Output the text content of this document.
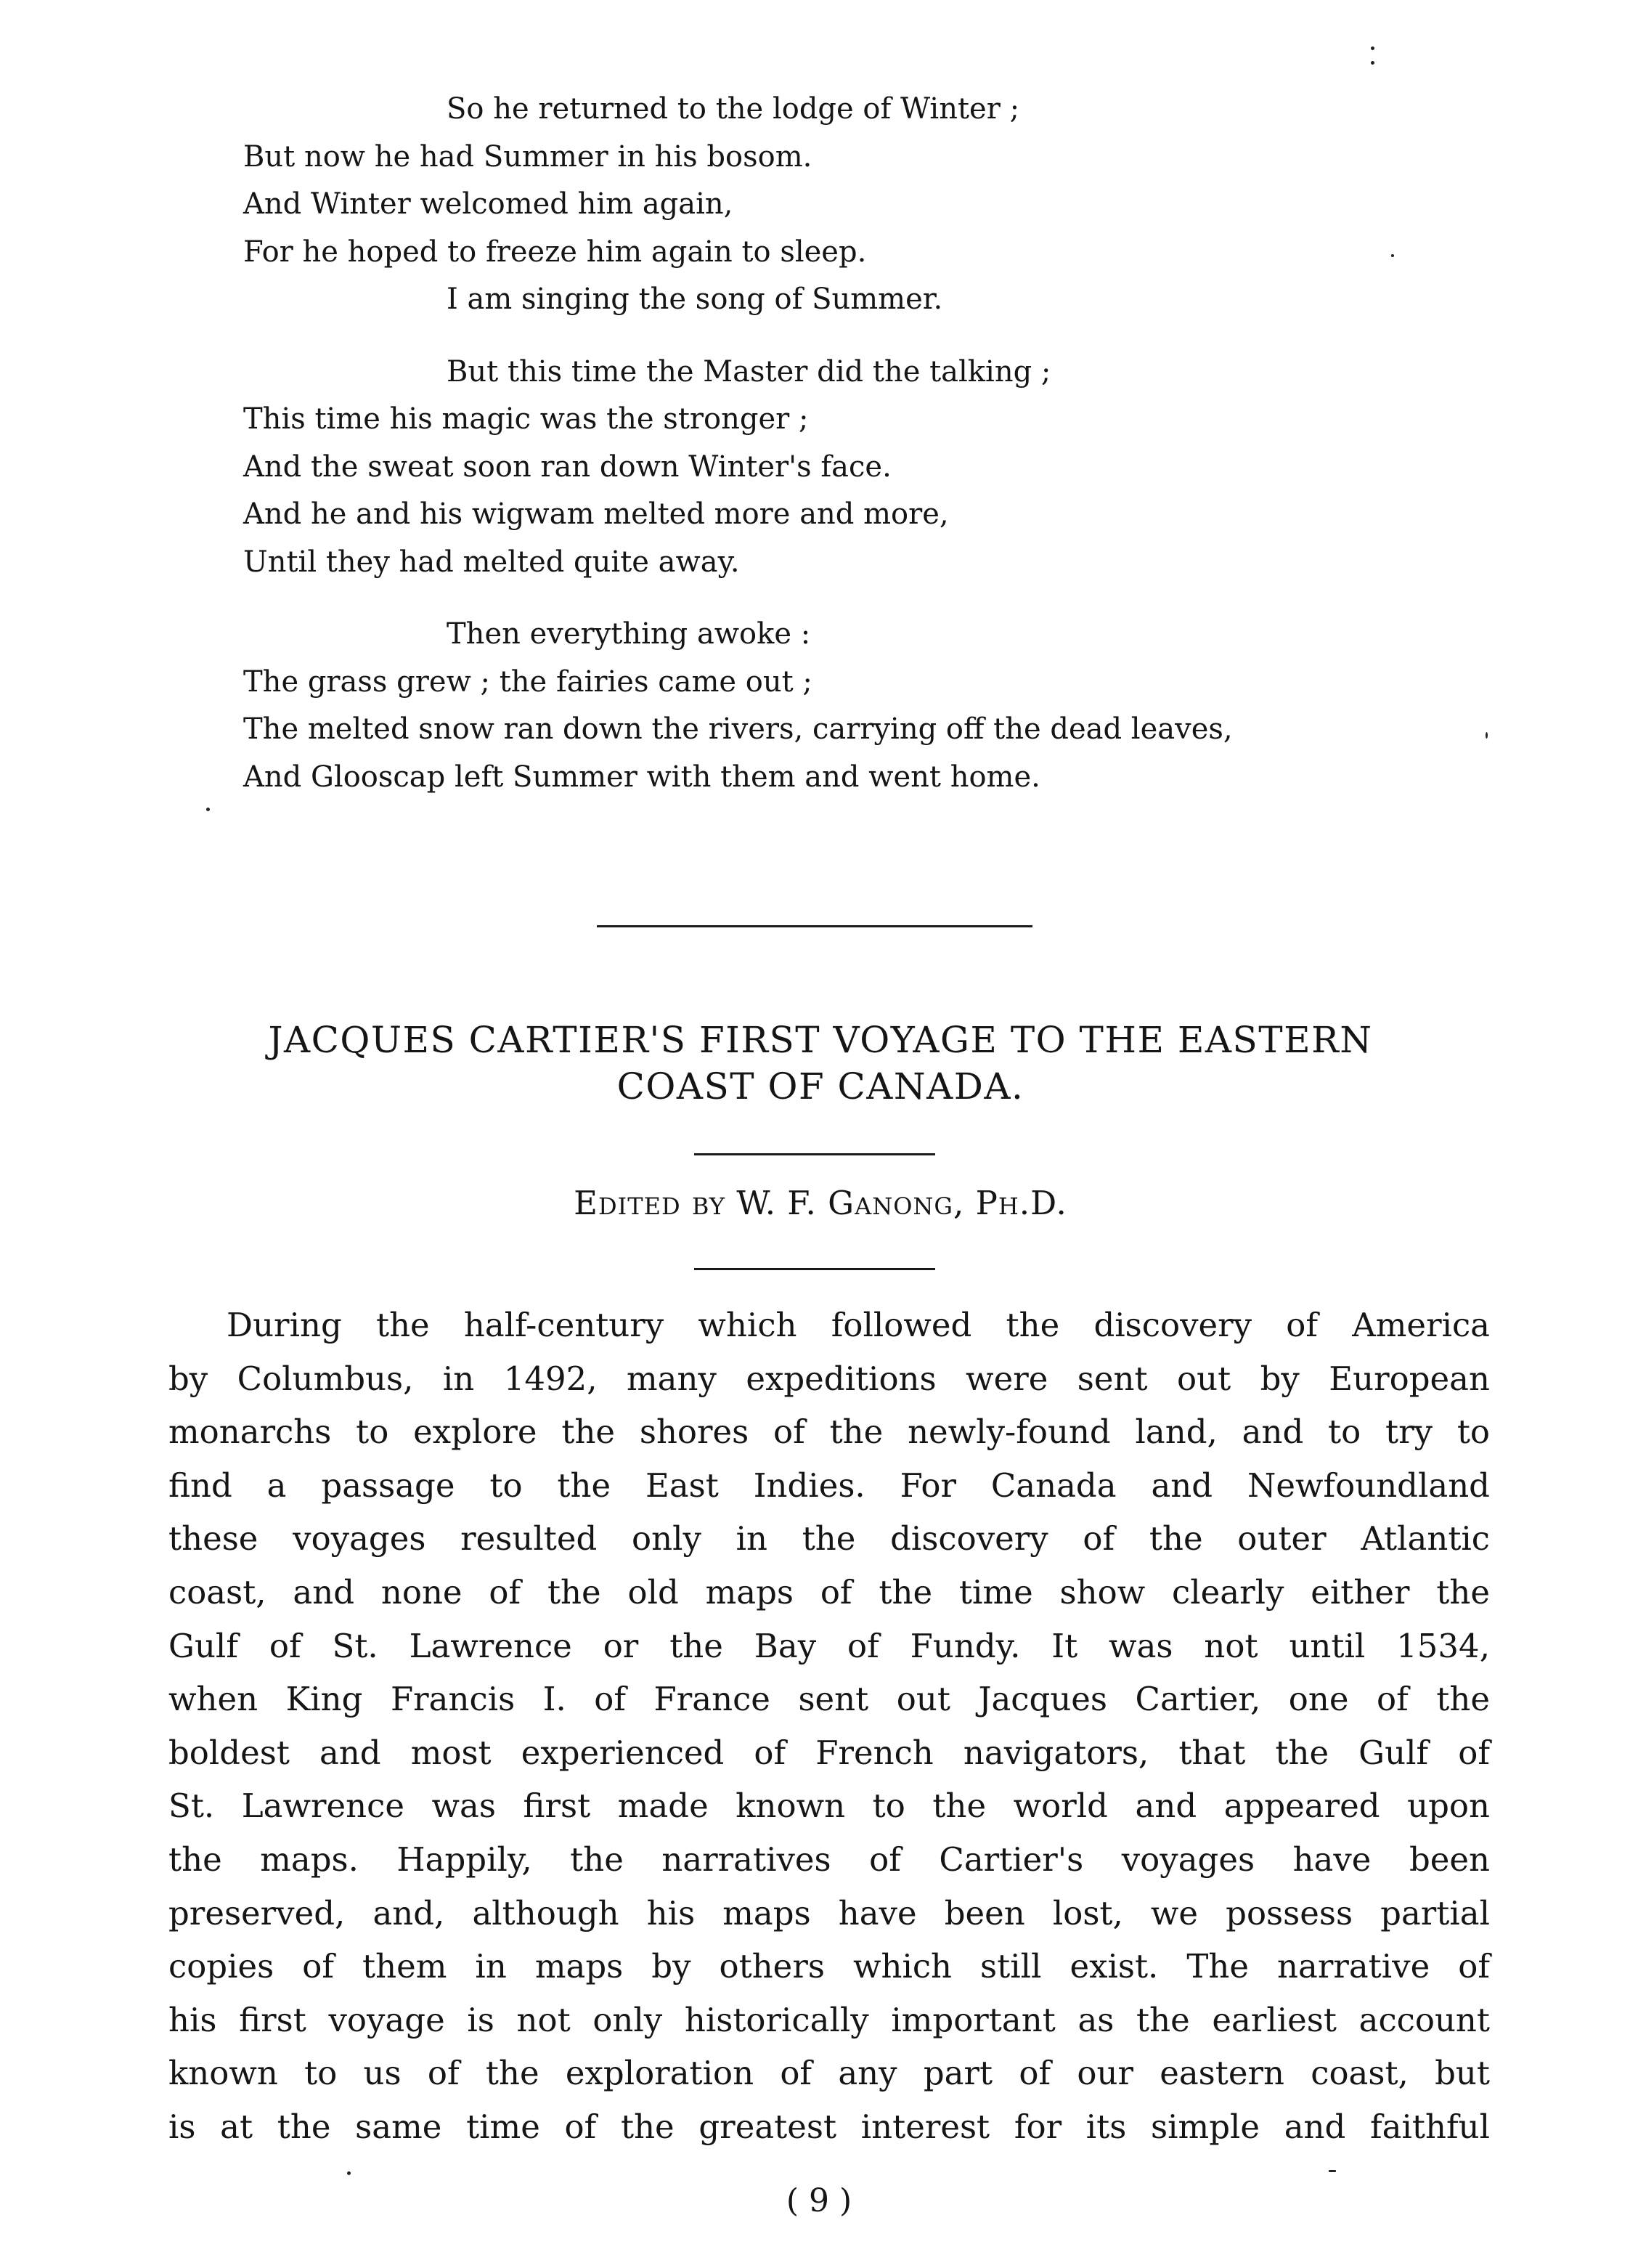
So he returned to the lodge of Winter ;
But now he had Summer in his bosom.
And Winter welcomed him again,
For he hoped to freeze him again to sleep.
I am singing the song of Summer.
But this time the Master did the talking ;
This time his magic was the stronger ;
And the sweat soon ran down Winter's face.
And he and his wigwam melted more and more,
Until they had melted quite away.
Then everything awoke :
The grass grew ; the fairies came out ;
The melted snow ran down the rivers, carrying off the dead leaves,
And Glooscap left Summer with them and went home.
JACQUES CARTIER'S FIRST VOYAGE TO THE EASTERN
COAST OF CANADA.
Edited by W. F. Ganong, Ph.D.
During the half-century which followed the discovery of America
by Columbus, in 1492, many expeditions were sent out by European
monarchs to explore the shores of the newly-found land, and to try to
find a passage to the East Indies. For Canada and Newfoundland
these voyages resulted only in the discovery of the outer Atlantic
coast, and none of the old maps of the time show clearly either the
Gulf of St. Lawrence or the Bay of Fundy. It was not until 1534,
when King Francis I. of France sent out Jacques Cartier, one of the
boldest and most experienced of French navigators, that the Gulf of
St. Lawrence was first made known to the world and appeared upon
the maps. Happily, the narratives of Cartier's voyages have been
preserved, and, although his maps have been lost, we possess partial
copies of them in maps by others which still exist. The narrative of
his first voyage is not only historically important as the earliest account
known to us of the exploration of any part of our eastern coast, but
is at the same time of the greatest interest for its simple and faithful
( 9 )
